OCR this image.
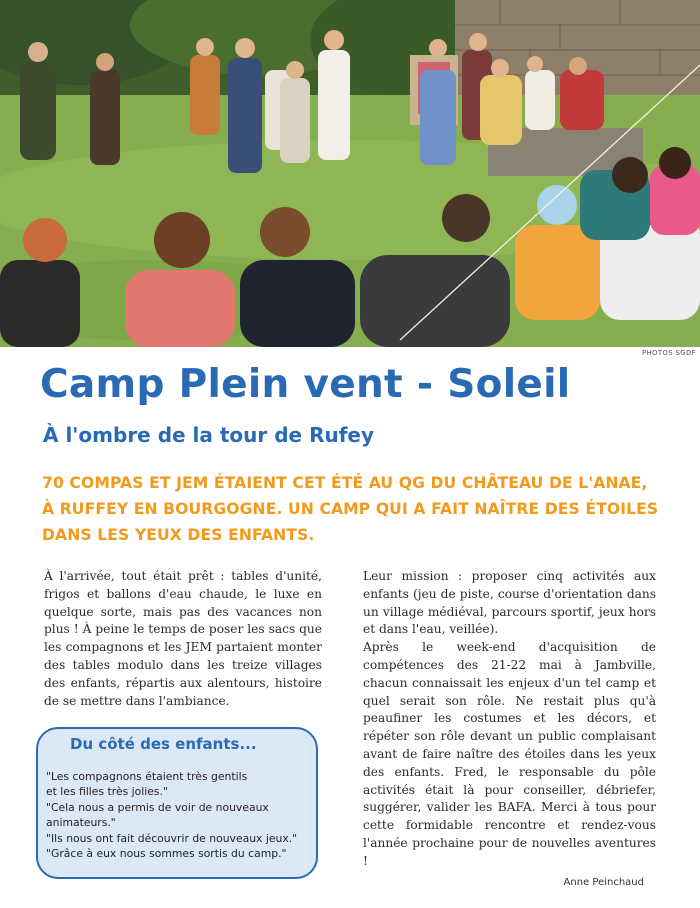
PHOTOS SGDF
Camp Plein vent - Soleil
À l'ombre de la tour de Rufey

70 COMPAS ET JEM ÉTAIENT CET ÉTÉ AU QG DU CHÂTEAU DE L'ANAE, À RUFFEY EN BOURGOGNE. UN CAMP QUI A FAIT NAÎTRE DES ÉTOILES DANS LES YEUX DES ENFANTS.

À l'arrivée, tout était prêt : tables d'unité, frigos et ballons d'eau chaude, le luxe en quelque sorte, mais pas des vacances non plus ! À peine le temps de poser les sacs que les compagnons et les JEM partaient monter des tables modulo dans les treize villages des enfants, répartis aux alentours, histoire de se mettre dans l'ambiance.

Du côté des enfants...
"Les compagnons étaient très gentils
et les filles très jolies."
"Cela nous a permis de voir de nouveaux
animateurs."
"Ils nous ont fait découvrir de nouveaux jeux."
"Grâce à eux nous sommes sortis du camp."

Leur mission : proposer cinq activités aux enfants (jeu de piste, course d'orientation dans un village médiéval, parcours sportif, jeux hors et dans l'eau, veillée).

Après le week-end d'acquisition de compétences des 21-22 mai à Jambville, chacun connaissait les enjeux d'un tel camp et quel serait son rôle. Ne restait plus qu'à peaufiner les costumes et les décors, et répéter son rôle devant un public complaisant avant de faire naître des étoiles dans les yeux des enfants. Fred, le responsable du pôle activités était là pour conseiller, débriefer, suggérer, valider les BAFA. Merci à tous pour cette formidable rencontre et rendez-vous l'année prochaine pour de nouvelles aventures !

Anne Peinchaud
